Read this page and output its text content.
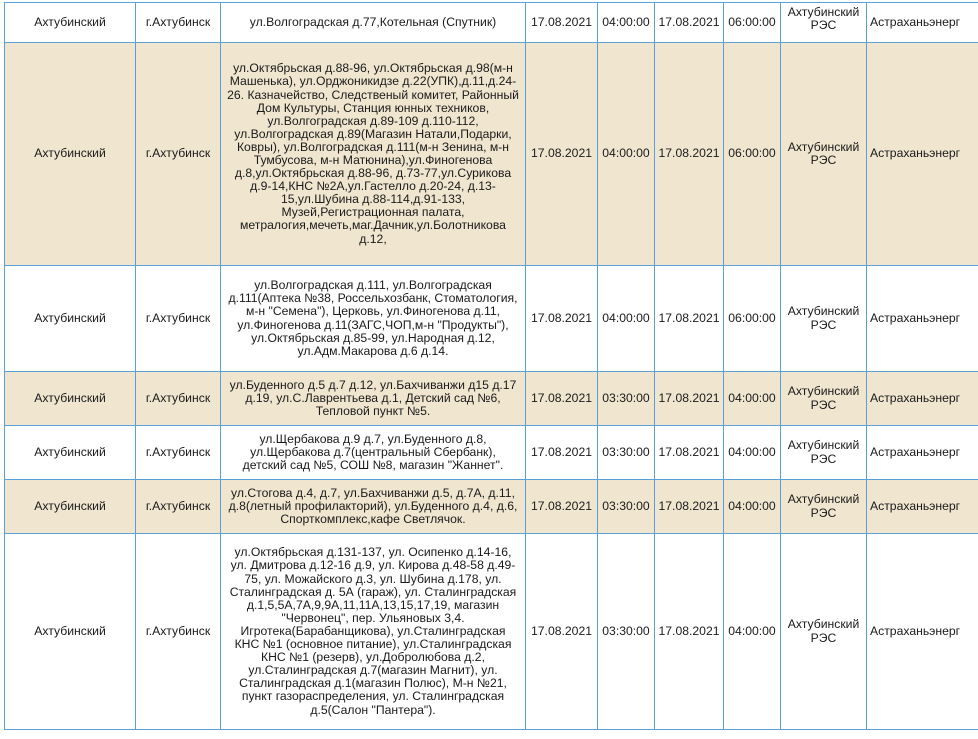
Ахтубинский	г.Ахтубинск	ул.Волгоградская д.77,Котельная (Спутник)	17.08.2021	04:00:00	17.08.2021	06:00:00	Ахтубинский РЭС	Астраханьэнерг
Ахтубинский	г.Ахтубинск	ул.Октябрьская д.88-96, ул.Октябрьская д.98(м-н Машенька), ул.Орджоникидзе д.22(УПК),д.11,д.24-26. Казначейство, Следственый комитет, Районный Дом Культуры, Станция юнных техников, ул.Волгоградская д.89-109 д.110-112, ул.Волгоградская д.89(Магазин Натали,Подарки, Ковры), ул.Волгоградская д.111(м-н Зенина, м-н Тумбусова, м-н Матюнина),ул.Финогенова д.8,ул.Октябрьская д.88-96, д.73-77,ул.Сурикова д.9-14,КНС №2А,ул.Гастелло д.20-24, д.13-15,ул.Шубина д.88-114,д.91-133, Музей,Регистрационная палата, метралогия,мечеть,маг.Дачник,ул.Болотникова д.12,	17.08.2021	04:00:00	17.08.2021	06:00:00	Ахтубинский РЭС	Астраханьэнерг
Ахтубинский	г.Ахтубинск	ул.Волгоградская д.111, ул.Волгоградская д.111(Аптека №38, Россельхозбанк, Стоматология, м-н "Семена"), Церковь, ул.Финогенова д.11, ул.Финогенова д.11(ЗАГС,ЧОП,м-н "Продукты"), ул.Октябрьская д.85-99, ул.Народная д.12, ул.Адм.Макарова д.6 д.14.	17.08.2021	04:00:00	17.08.2021	06:00:00	Ахтубинский РЭС	Астраханьэнерг
Ахтубинский	г.Ахтубинск	ул.Буденного д.5 д.7 д.12, ул.Бахчиванжи д15 д.17 д.19, ул.С.Лаврентьева д.1, Детский сад №6, Тепловой пункт №5.	17.08.2021	03:30:00	17.08.2021	04:00:00	Ахтубинский РЭС	Астраханьэнерг
Ахтубинский	г.Ахтубинск	ул.Щербакова д.9 д.7, ул.Буденного д.8, ул.Щербакова д.7(центральный Сбербанк), детский сад №5, СОШ №8, магазин "Жаннет".	17.08.2021	03:30:00	17.08.2021	04:00:00	Ахтубинский РЭС	Астраханьэнерг
Ахтубинский	г.Ахтубинск	ул.Стогова д.4, д.7, ул.Бахчиванжи д.5, д.7А, д.11, д.8(летный профилакторий), ул.Буденного д.4, д.6, Спорткомплекс,кафе Светлячок.	17.08.2021	03:30:00	17.08.2021	04:00:00	Ахтубинский РЭС	Астраханьэнерг
Ахтубинский	г.Ахтубинск	ул.Октябрьская д.131-137, ул. Осипенко д.14-16, ул. Дмитрова д.12-16 д.9, ул. Кирова д.48-58 д.49-75, ул. Можайского д.3, ул. Шубина д.178, ул. Сталинградская д. 5А (гараж), ул. Сталинградская д.1,5,5А,7А,9,9А,11,11А,13,15,17,19, магазин "Червонец", пер. Ульяновых 3,4. Игротека(Барабанщикова), ул.Сталинградская КНС №1 (основное питание), ул.Сталинградская КНС №1 (резерв), ул.Добролюбова д.2, ул.Сталинградская д.7(магазин Магнит), ул. Сталинградская д.1(магазин Полюс), М-н №21, пункт газораспределения, ул. Сталинградская д.5(Салон "Пантера").	17.08.2021	03:30:00	17.08.2021	04:00:00	Ахтубинский РЭС	Астраханьэнерг
